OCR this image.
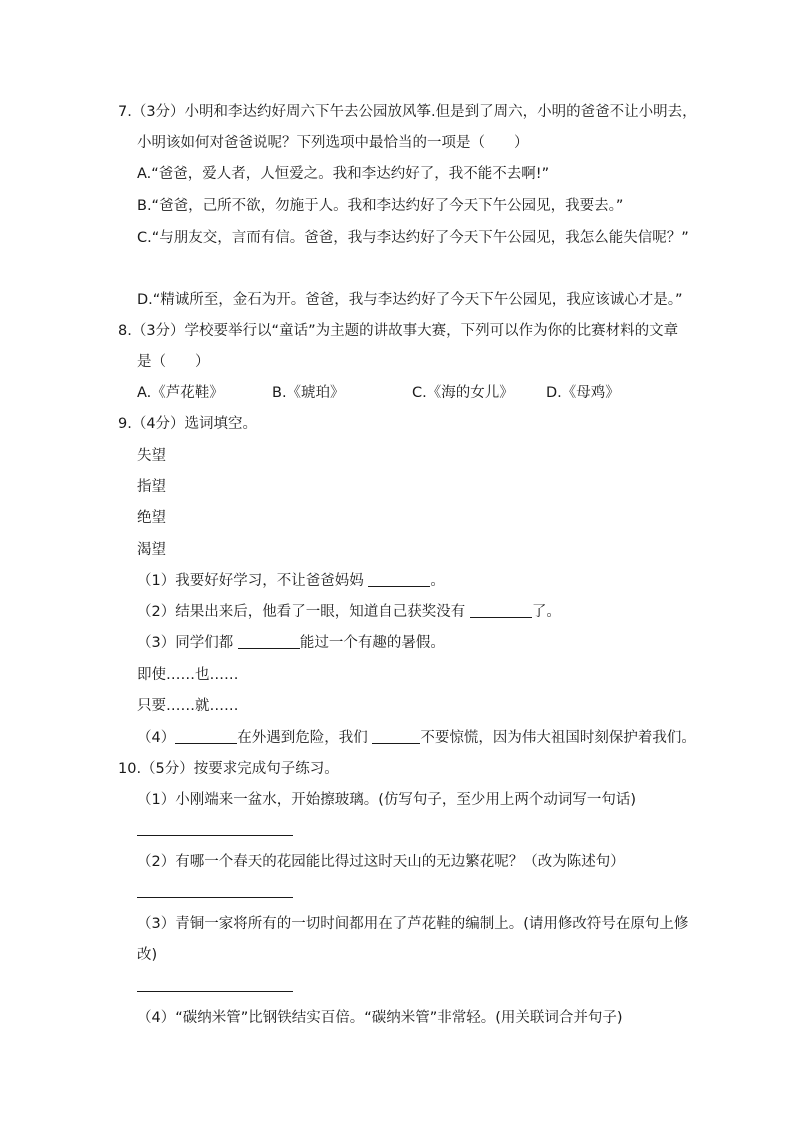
7.（3分）小明和李达约好周六下午去公园放风筝.但是到了周六，小明的爸爸不让小明去，
小明该如何对爸爸说呢？下列选项中最恰当的一项是（　　）
A.“爸爸，爱人者，人恒爱之。我和李达约好了，我不能不去啊!”
B.“爸爸，己所不欲，勿施于人。我和李达约好了今天下午公园见，我要去。”
C.“与朋友交，言而有信。爸爸，我与李达约好了今天下午公园见，我怎么能失信呢？”
D.“精诚所至，金石为开。爸爸，我与李达约好了今天下午公园见，我应该诚心才是。”
8.（3分）学校要举行以“童话”为主题的讲故事大赛，下列可以作为你的比赛材料的文章
是（　　）
A.《芦花鞋》	B.《琥珀》	C.《海的女儿》 D.《母鸡》
9.（4分）选词填空。
失望
指望
绝望
渴望
（1）我要好好学习，不让爸爸妈妈	。
（2）结果出来后，他看了一眼，知道自己获奖没有	了。
（3）同学们都	能过一个有趣的暑假。
即使……也……
只要……就……
（4）	在外遇到危险，我们	不要惊慌，因为伟大祖国时刻保护着我们。
10.（5分）按要求完成句子练习。
（1）小刚端来一盆水，开始擦玻璃。(仿写句子，至少用上两个动词写一句话)
（2）有哪一个春天的花园能比得过这时天山的无边繁花呢？（改为陈述句）
（3）青铜一家将所有的一切时间都用在了芦花鞋的编制上。(请用修改符号在原句上修
改)
（4）“碳纳米管”比钢铁结实百倍。“碳纳米管”非常轻。(用关联词合并句子)
